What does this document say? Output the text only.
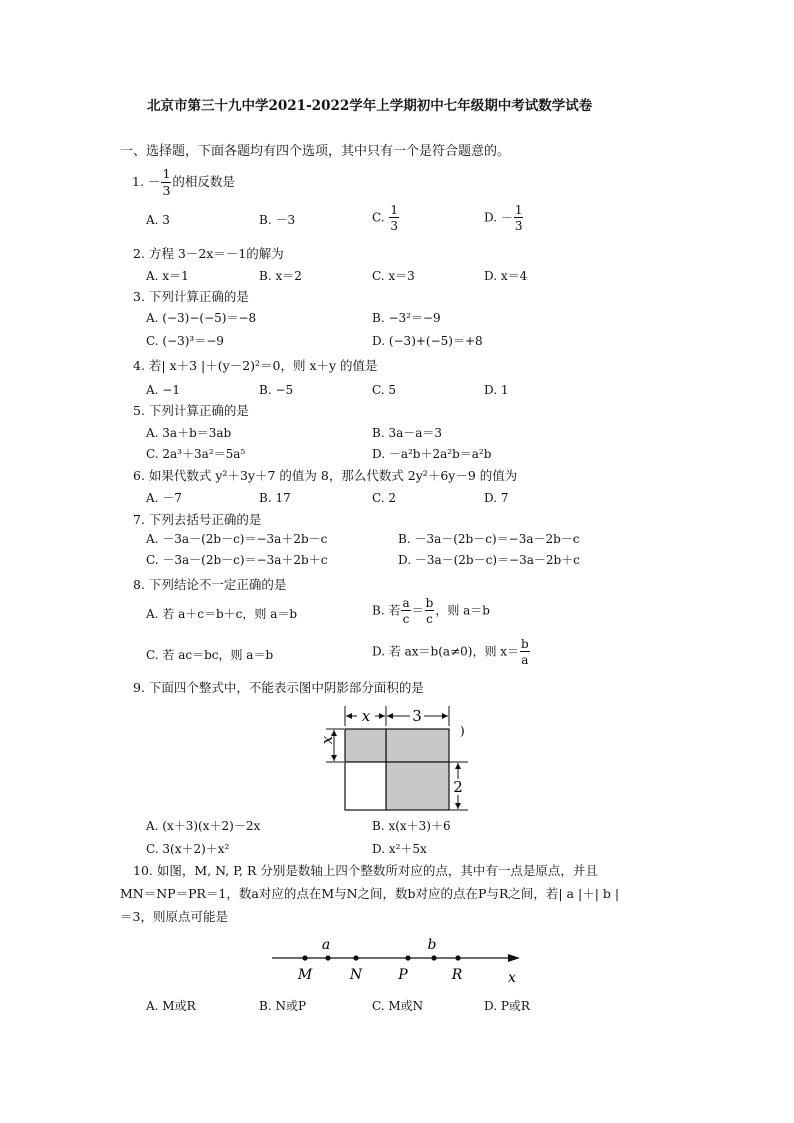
北京市第三十九中学2021-2022学年上学期初中七年级期中考试数学试卷
一、选择题，下面各题均有四个选项，其中只有一个是符合题意的。
1. － $\frac{1}{3}$ 的相反数是
A. 3	B. －3	C. $\frac{1}{3}$	D. － $\frac{1}{3}$
2. 方程 3－2x＝－1的解为
A. x＝1	B. x＝2	C. x＝3	D. x＝4
3. 下列计算正确的是
A. (−3)−(−5)＝−8	B. −3²＝−9
C. (−3)³＝−9	D. (−3)+(−5)＝+8
4. 若| x＋3 |＋(y－2)²＝0，则 x＋y 的值是
A. −1	B. −5	C. 5	D. 1
5. 下列计算正确的是
A. 3a＋b＝3ab	B. 3a－a＝3
C. 2a³＋3a²＝5a⁵	D. －a²b＋2a²b＝a²b
6. 如果代数式 y²＋3y＋7 的值为 8，那么代数式 2y²＋6y－9 的值为
A. －7	B. 17	C. 2	D. 7
7. 下列去括号正确的是
A. －3a－(2b－c)＝−3a＋2b－c	B. －3a－(2b－c)＝−3a－2b－c
C. －3a－(2b－c)＝−3a＋2b＋c	D. －3a－(2b－c)＝−3a－2b＋c
8. 下列结论不一定正确的是
A. 若 a＋c＝b＋c，则 a＝b	B. 若 $\frac{a}{c} = \frac{b}{c}$ ，则 a＝b
C. 若 ac＝bc，则 a＝b	D. 若 ax＝b(a≠0)，则 $x= \frac{b}{a}$
9. 下面四个整式中，不能表示图中阴影部分面积的是
x	3
)
x
2
A. (x＋3)(x＋2)－2x	B. x(x＋3)＋6
C. 3(x＋2)＋x²	D. x²＋5x
10. 如图，M, N, P, R 分别是数轴上四个整数所对应的点，其中有一点是原点，并且
MN＝NP＝PR＝1，数a对应的点在M与N之间，数b对应的点在P与R之间，若| a |＋| b |
＝3，则原点可能是
a	b
M	N	P	R	x
A. M或R	B. N或P	C. M或N	D. P或R
